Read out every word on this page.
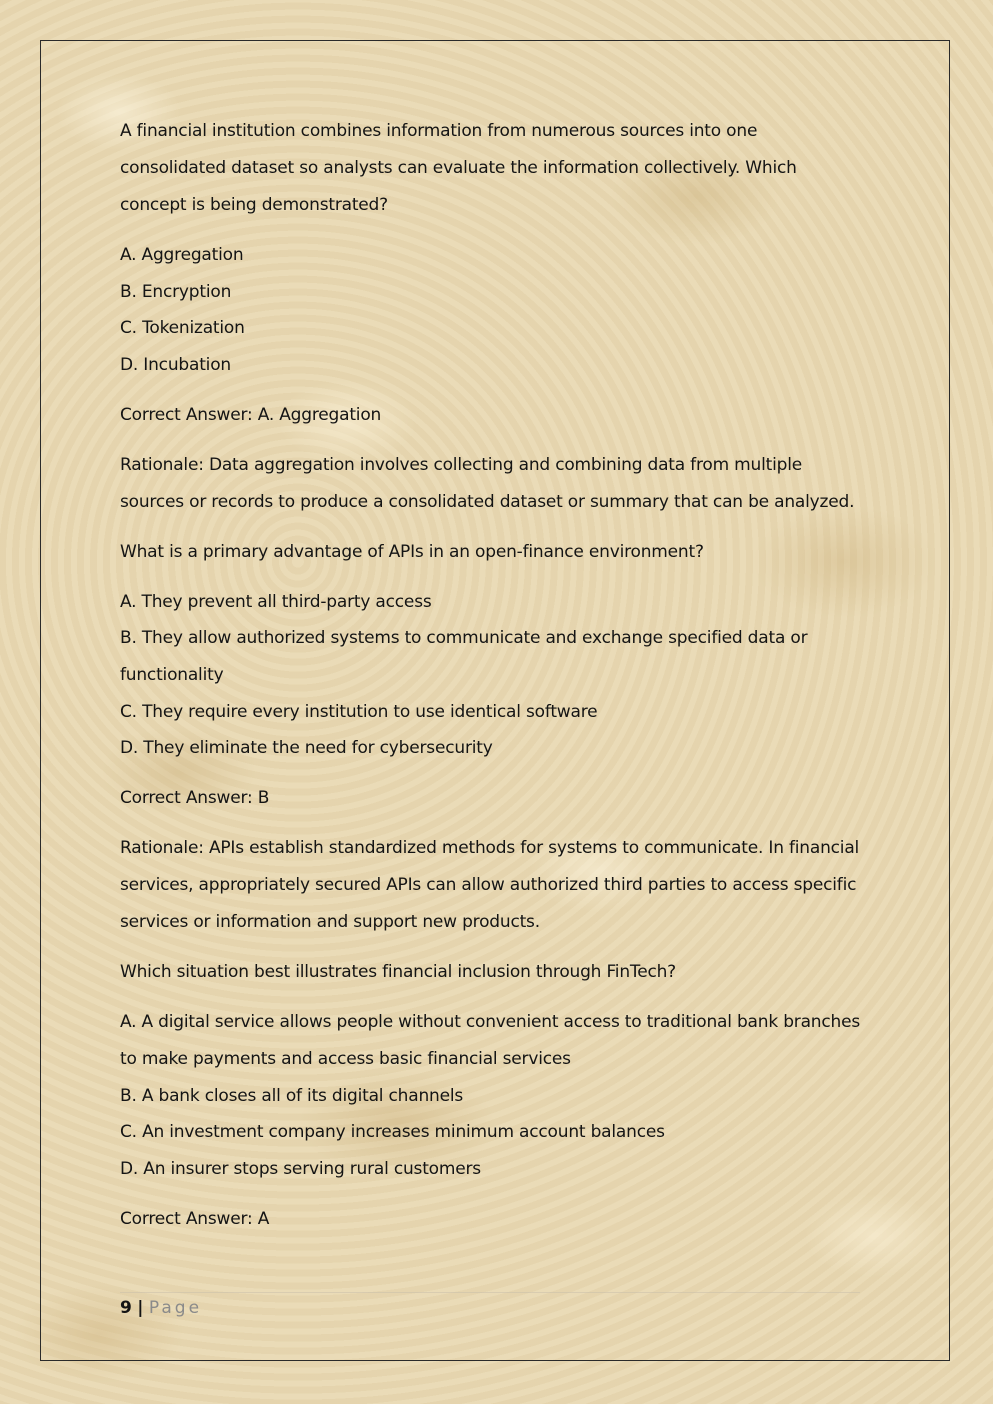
A financial institution combines information from numerous sources into one consolidated dataset so analysts can evaluate the information collectively. Which concept is being demonstrated?

A. Aggregation

B. Encryption

C. Tokenization

D. Incubation

Correct Answer: A. Aggregation

Rationale: Data aggregation involves collecting and combining data from multiple sources or records to produce a consolidated dataset or summary that can be analyzed.

What is a primary advantage of APIs in an open-finance environment?

A. They prevent all third-party access

B. They allow authorized systems to communicate and exchange specified data or functionality

C. They require every institution to use identical software

D. They eliminate the need for cybersecurity

Correct Answer: B

Rationale: APIs establish standardized methods for systems to communicate. In financial services, appropriately secured APIs can allow authorized third parties to access specific services or information and support new products.

Which situation best illustrates financial inclusion through FinTech?

A. A digital service allows people without convenient access to traditional bank branches to make payments and access basic financial services

B. A bank closes all of its digital channels

C. An investment company increases minimum account balances

D. An insurer stops serving rural customers

Correct Answer: A

9 | Page
